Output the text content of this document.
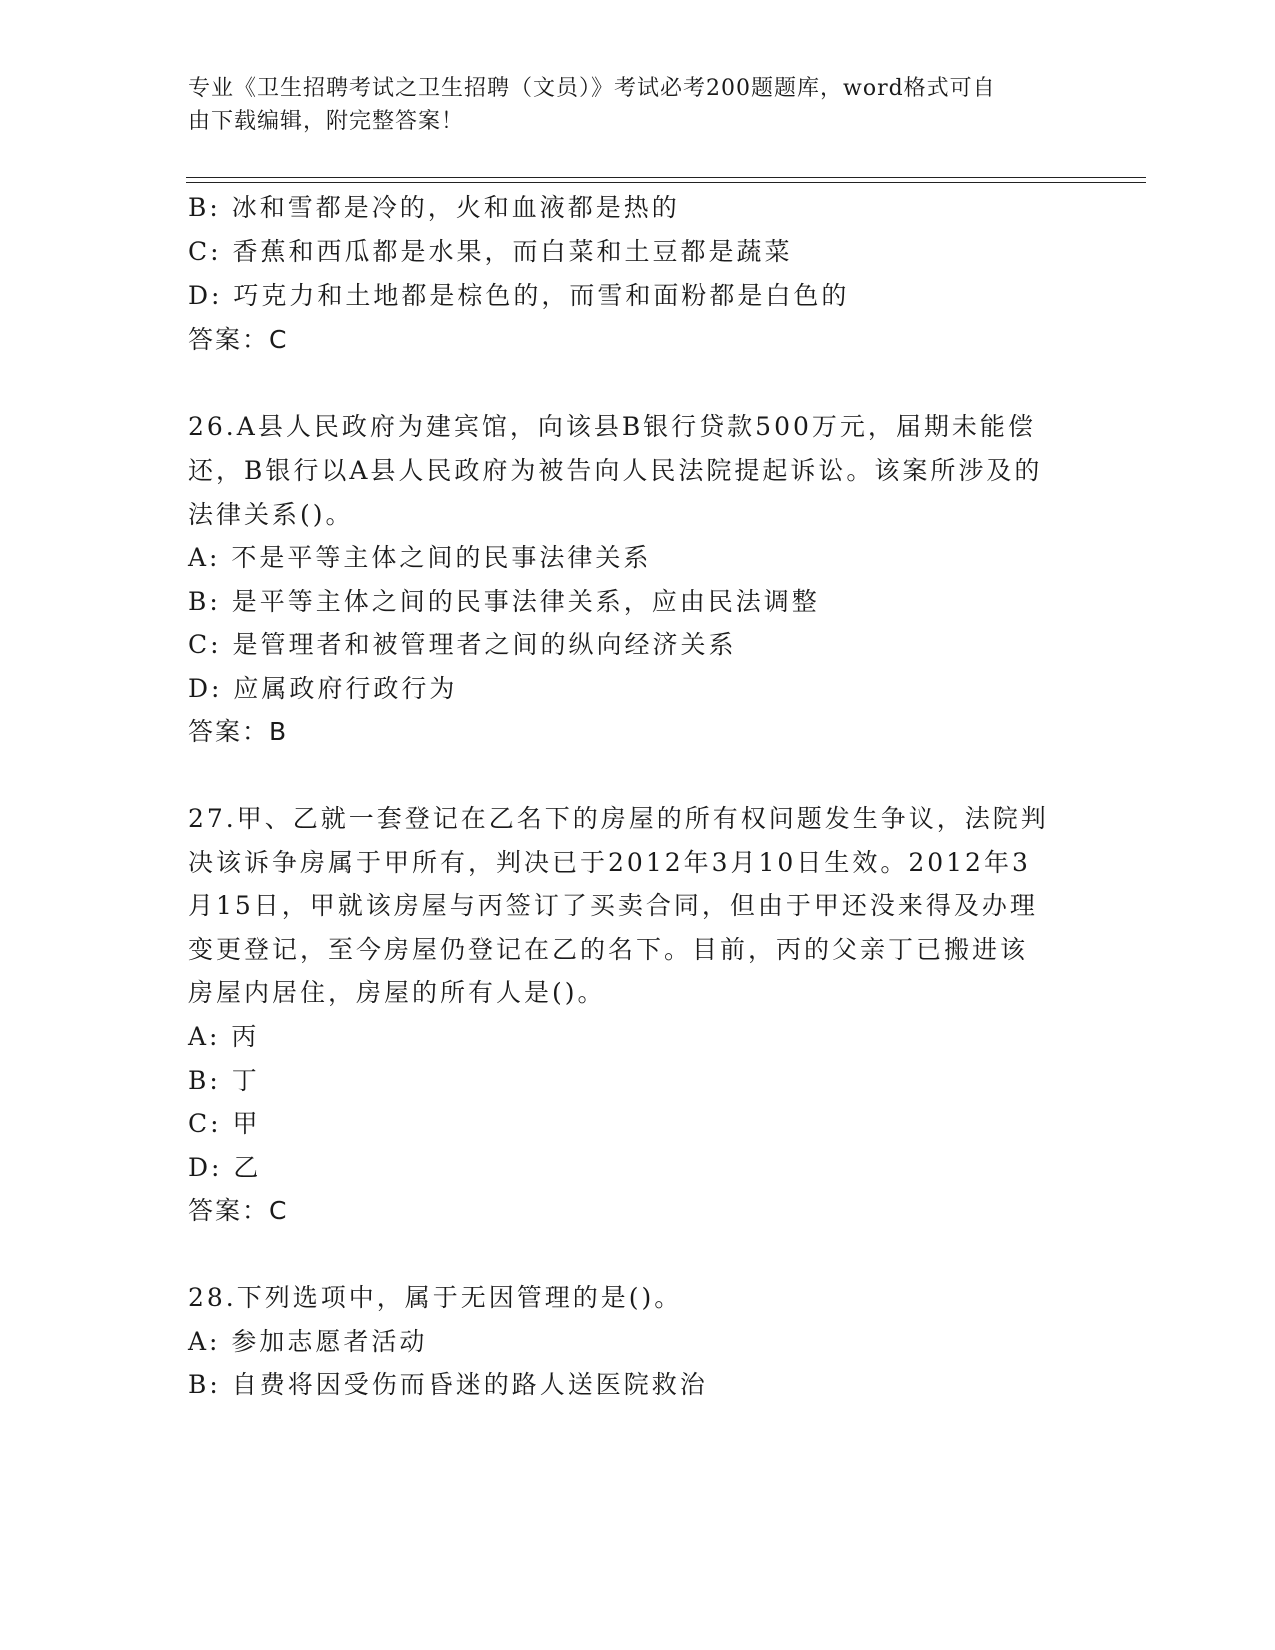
专业《卫生招聘考试之卫生招聘（文员）》考试必考200题题库，word格式可自
由下载编辑，附完整答案！
B: 冰和雪都是冷的，火和血液都是热的
C: 香蕉和西瓜都是水果，而白菜和土豆都是蔬菜
D: 巧克力和土地都是棕色的，而雪和面粉都是白色的
答案：C
26.A县人民政府为建宾馆，向该县B银行贷款500万元，届期未能偿
还，B银行以A县人民政府为被告向人民法院提起诉讼。该案所涉及的
法律关系()。
A: 不是平等主体之间的民事法律关系
B: 是平等主体之间的民事法律关系，应由民法调整
C: 是管理者和被管理者之间的纵向经济关系
D: 应属政府行政行为
答案：B
27.甲、乙就一套登记在乙名下的房屋的所有权问题发生争议，法院判
决该诉争房属于甲所有，判决已于2012年3月10日生效。2012年3
月15日，甲就该房屋与丙签订了买卖合同，但由于甲还没来得及办理
变更登记，至今房屋仍登记在乙的名下。目前，丙的父亲丁已搬进该
房屋内居住，房屋的所有人是()。
A: 丙
B: 丁
C: 甲
D: 乙
答案：C
28.下列选项中，属于无因管理的是()。
A: 参加志愿者活动
B: 自费将因受伤而昏迷的路人送医院救治
